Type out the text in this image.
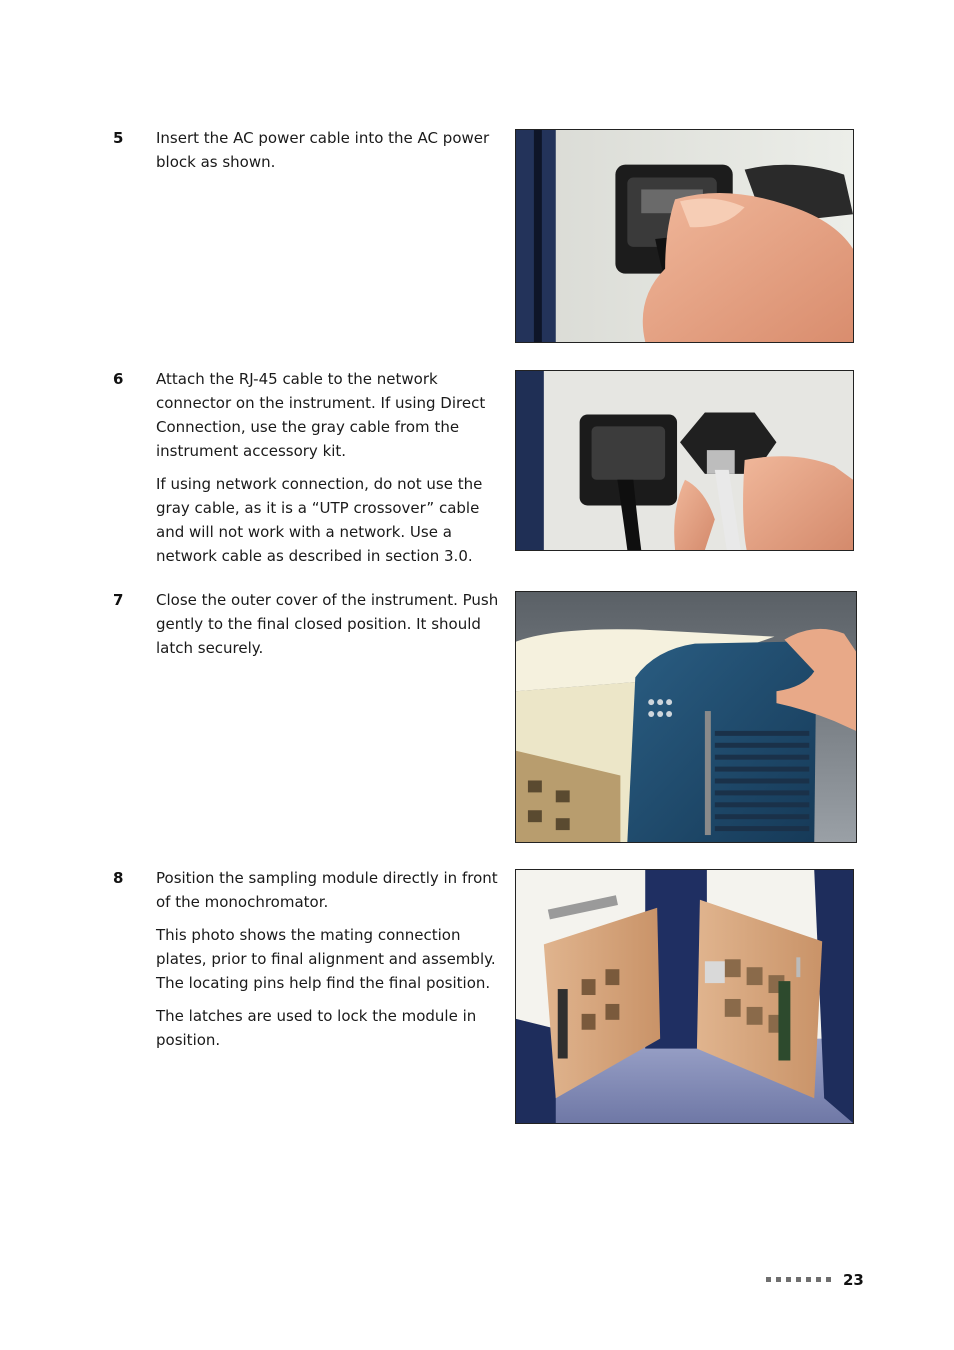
5 Insert the AC power cable into the AC power block as shown.

6 Attach the RJ-45 cable to the network connector on the instrument. If using Direct Connection, use the gray cable from the instrument accessory kit.

If using network connection, do not use the gray cable, as it is a “UTP crossover” cable and will not work with a network. Use a network cable as described in section 3.0.

7 Close the outer cover of the instrument. Push gently to the final closed position. It should latch securely.

8 Position the sampling module directly in front of the monochromator.

This photo shows the mating connection plates, prior to final alignment and assembly. The locating pins help find the final position.

The latches are used to lock the module in position.

23
